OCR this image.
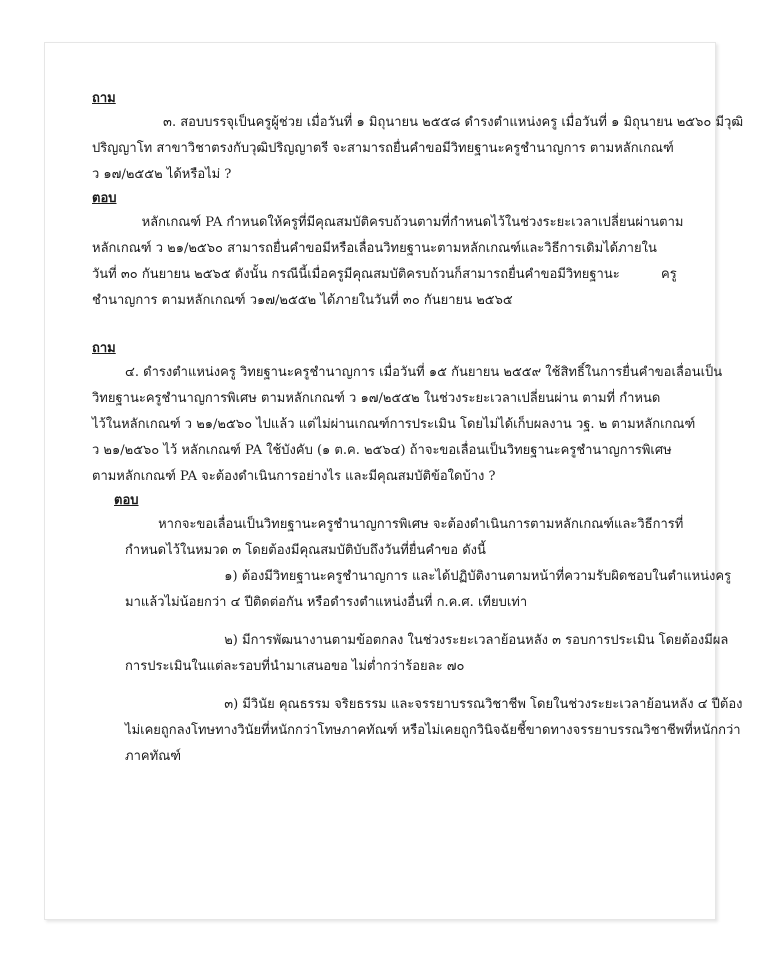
ถาม
๓. สอบบรรจุเป็นครูผู้ช่วย เมื่อวันที่ ๑ มิถุนายน ๒๕๕๘ ดำรงตำแหน่งครู เมื่อวันที่ ๑ มิถุนายน ๒๕๖๐ มีวุฒิ
ปริญญาโท สาขาวิชาตรงกับวุฒิปริญญาตรี จะสามารถยื่นคำขอมีวิทยฐานะครูชำนาญการ ตามหลักเกณฑ์
ว ๑๗/๒๕๕๒ ได้หรือไม่ ?
ตอบ
หลักเกณฑ์ PA กำหนดให้ครูที่มีคุณสมบัติครบถ้วนตามที่กำหนดไว้ในช่วงระยะเวลาเปลี่ยนผ่านตาม
หลักเกณฑ์ ว ๒๑/๒๕๖๐ สามารถยื่นคำขอมีหรือเลื่อนวิทยฐานะตามหลักเกณฑ์และวิธีการเดิมได้ภายใน
วันที่ ๓๐ กันยายน ๒๕๖๕ ดังนั้น กรณีนี้เมื่อครูมีคุณสมบัติครบถ้วนก็สามารถยื่นคำขอมีวิทยฐานะ          ครู
ชำนาญการ ตามหลักเกณฑ์ ว๑๗/๒๕๕๒ ได้ภายในวันที่ ๓๐ กันยายน ๒๕๖๕
ถาม
๔. ดำรงตำแหน่งครู วิทยฐานะครูชำนาญการ เมื่อวันที่ ๑๕ กันยายน ๒๕๕๙ ใช้สิทธิ์ในการยื่นคำขอเลื่อนเป็น
วิทยฐานะครูชำนาญการพิเศษ ตามหลักเกณฑ์ ว ๑๗/๒๕๕๒ ในช่วงระยะเวลาเปลี่ยนผ่าน ตามที่ กำหนด
ไว้ในหลักเกณฑ์ ว ๒๑/๒๕๖๐ ไปแล้ว แต่ไม่ผ่านเกณฑ์การประเมิน โดยไม่ได้เก็บผลงาน วฐ. ๒ ตามหลักเกณฑ์
ว ๒๑/๒๕๖๐ ไว้ หลักเกณฑ์ PA ใช้บังคับ (๑ ต.ค. ๒๕๖๔) ถ้าจะขอเลื่อนเป็นวิทยฐานะครูชำนาญการพิเศษ
ตามหลักเกณฑ์ PA จะต้องดำเนินการอย่างไร และมีคุณสมบัติข้อใดบ้าง ?
ตอบ
หากจะขอเลื่อนเป็นวิทยฐานะครูชำนาญการพิเศษ จะต้องดำเนินการตามหลักเกณฑ์และวิธีการที่
กำหนดไว้ในหมวด ๓ โดยต้องมีคุณสมบัติบับถึงวันที่ยื่นคำขอ ดังนี้
๑) ต้องมีวิทยฐานะครูชำนาญการ และได้ปฏิบัติงานตามหน้าที่ความรับผิดชอบในตำแหน่งครู
มาแล้วไม่น้อยกว่า ๔ ปีติดต่อกัน หรือดำรงตำแหน่งอื่นที่ ก.ค.ศ. เทียบเท่า
๒) มีการพัฒนางานตามข้อตกลง ในช่วงระยะเวลาย้อนหลัง ๓ รอบการประเมิน โดยต้องมีผล
การประเมินในแต่ละรอบที่นำมาเสนอขอ ไม่ต่ำกว่าร้อยละ ๗๐
๓) มีวินัย คุณธรรม จริยธรรม และจรรยาบรรณวิชาชีพ โดยในช่วงระยะเวลาย้อนหลัง ๔ ปีต้อง
ไม่เคยถูกลงโทษทางวินัยที่หนักกว่าโทษภาคทัณฑ์ หรือไม่เคยถูกวินิจฉัยชี้ขาดทางจรรยาบรรณวิชาชีพที่หนักกว่า
ภาคทัณฑ์
